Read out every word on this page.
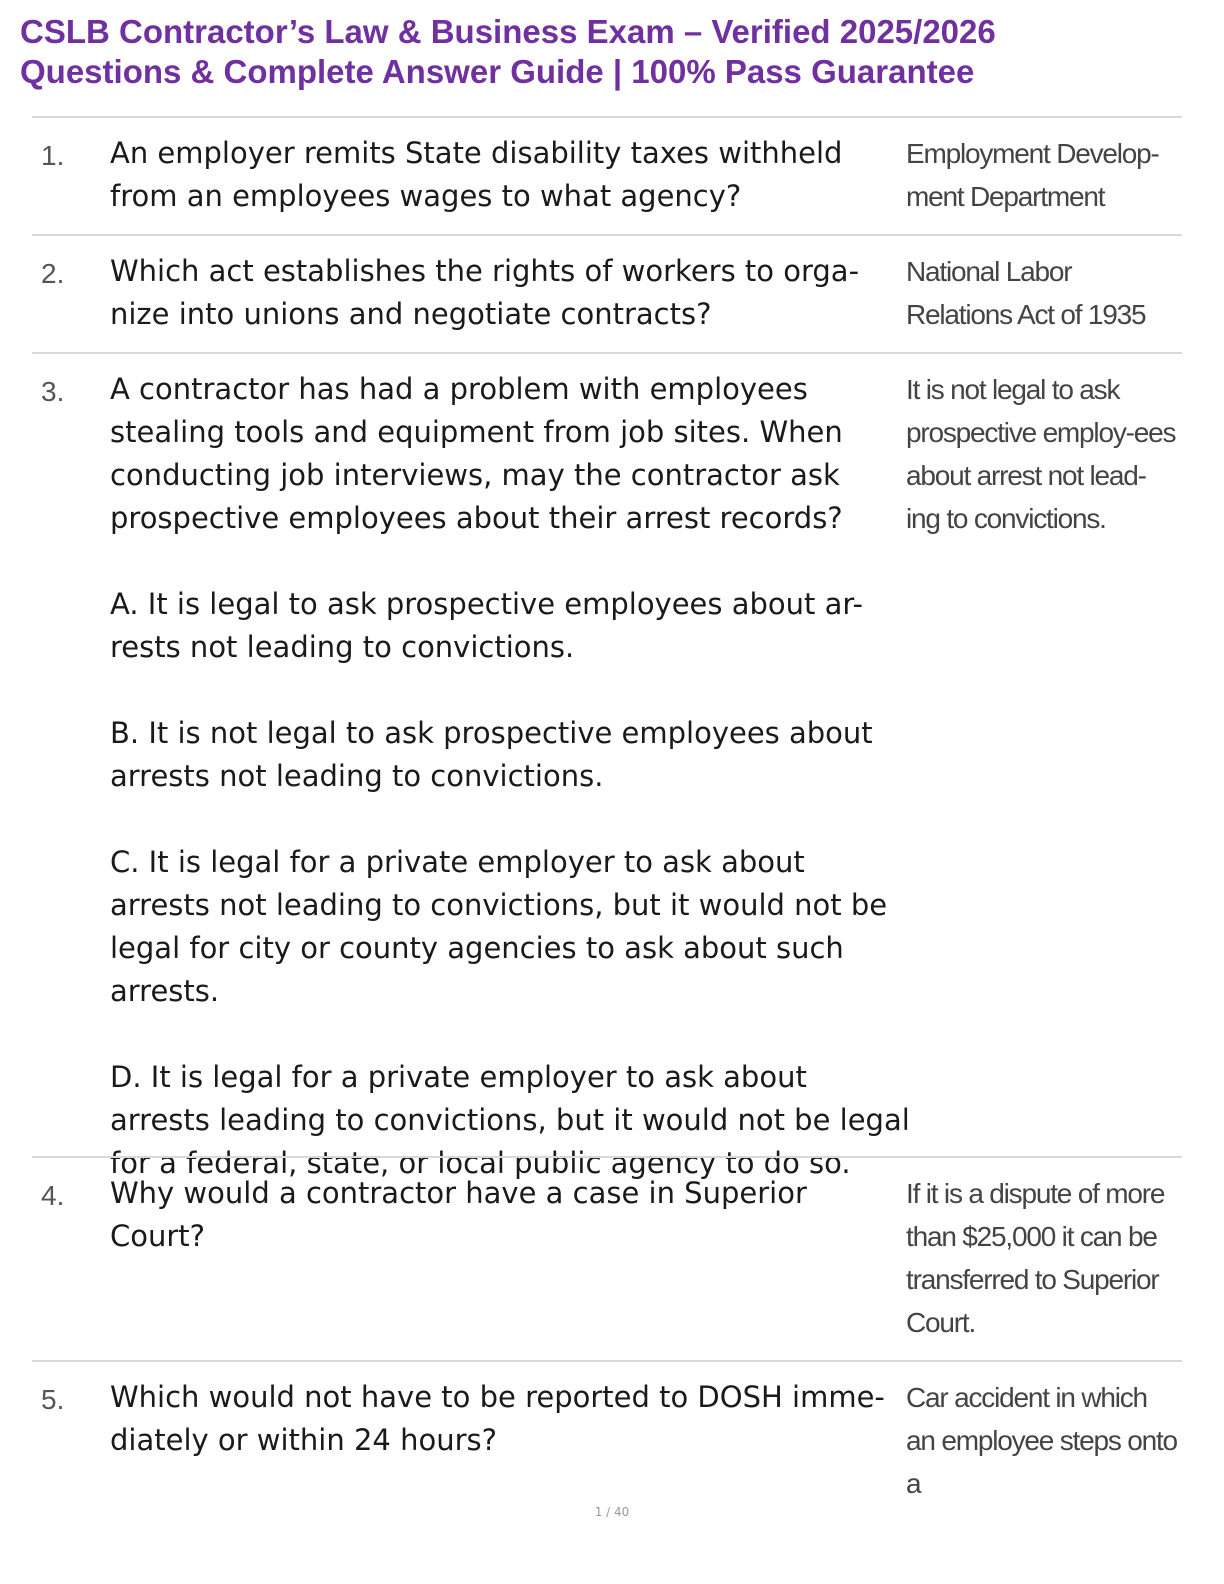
CSLB Contractor’s Law & Business Exam – Verified 2025/2026
Questions & Complete Answer Guide | 100% Pass Guarantee
1. An employer remits State disability taxes withheld from an employees wages to what agency?

Employment Develop-ment Department
2. Which act establishes the rights of workers to orga-nize into unions and negotiate contracts?

National Labor Relations Act of 1935
3. A contractor has had a problem with employees stealing tools and equipment from job sites. When conducting job interviews, may the contractor ask prospective employees about their arrest records?

A. It is legal to ask prospective employees about ar-rests not leading to convictions.

B. It is not legal to ask prospective employees about arrests not leading to convictions.

C. It is legal for a private employer to ask about arrests not leading to convictions, but it would not be legal for city or county agencies to ask about such arrests.

D. It is legal for a private employer to ask about arrests leading to convictions, but it would not be legal for a federal, state, or local public agency to do so.

It is not legal to ask prospective employ-ees about arrest not lead-ing to convictions.
4. Why would a contractor have a case in Superior Court?

If it is a dispute of more than $25,000 it can be transferred to Superior Court.
5. Which would not have to be reported to DOSH imme-diately or within 24 hours?

Car accident in which an employee steps onto a
1 / 40
